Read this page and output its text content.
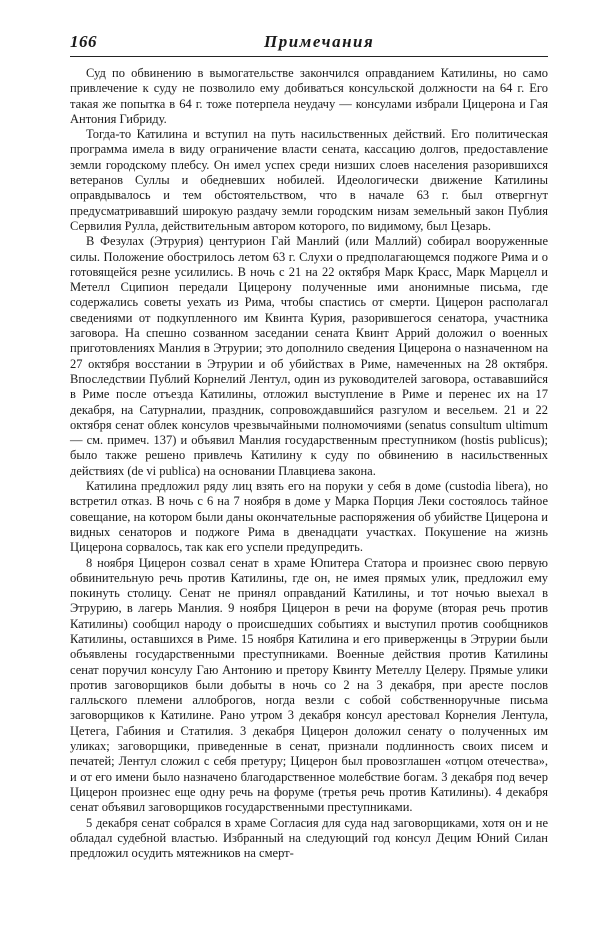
166	Примечания

Суд по обвинению в вымогательстве закончился оправданием Катилины, но само привлечение к суду не позволило ему добиваться консульской должности на 64 г. Его такая же попытка в 64 г. тоже потерпела неудачу — консулами избрали Цицерона и Гая Антония Гибриду.

Тогда-то Катилина и вступил на путь насильственных действий. Его политическая программа имела в виду ограничение власти сената, кассацию долгов, предоставление земли городскому плебсу. Он имел успех среди низших слоев населения разорившихся ветеранов Суллы и обедневших нобилей. Идеологически движение Катилины оправдывалось и тем обстоятельством, что в начале 63 г. был отвергнут предусматривавший широкую раздачу земли городским низам земельный закон Публия Сервилия Рулла, действительным автором которого, по видимому, был Цезарь.

В Фезулах (Этрурия) центурион Гай Манлий (или Маллий) собирал вооруженные силы. Положение обострилось летом 63 г. Слухи о предполагающемся поджоге Рима и о готовящейся резне усилились. В ночь с 21 на 22 октября Марк Красс, Марк Марцелл и Метелл Сципион передали Цицерону полученные ими анонимные письма, где содержались советы уехать из Рима, чтобы спастись от смерти. Цицерон располагал сведениями от подкупленного им Квинта Курия, разорившегося сенатора, участника заговора. На спешно созванном заседании сената Квинт Аррий доложил о военных приготовлениях Манлия в Этрурии; это дополнило сведения Цицерона о назначенном на 27 октября восстании в Этрурии и об убийствах в Риме, намеченных на 28 октября. Впоследствии Публий Корнелий Лентул, один из руководителей заговора, остававшийся в Риме после отъезда Катилины, отложил выступление в Риме и перенес их на 17 декабря, на Сатурналии, праздник, сопровождавшийся разгулом и весельем. 21 и 22 октября сенат облек консулов чрезвычайными полномочиями (senatus consultum ultimum — см. примеч. 137) и объявил Манлия государственным преступником (hostis publicus); было также решено привлечь Катилину к суду по обвинению в насильственных действиях (de vi publica) на основании Плавциева закона.

Катилина предложил ряду лиц взять его на поруки у себя в доме (custodia libera), но встретил отказ. В ночь с 6 на 7 ноября в доме у Марка Порция Леки состоялось тайное совещание, на котором были даны окончательные распоряжения об убийстве Цицерона и видных сенаторов и поджоге Рима в двенадцати участках. Покушение на жизнь Цицерона сорвалось, так как его успели предупредить.

8 ноября Цицерон созвал сенат в храме Юпитера Статора и произнес свою первую обвинительную речь против Катилины, где он, не имея прямых улик, предложил ему покинуть столицу. Сенат не принял оправданий Катилины, и тот ночью выехал в Этрурию, в лагерь Манлия. 9 ноября Цицерон в речи на форуме (вторая речь против Катилины) сообщил народу о происшедших событиях и выступил против сообщников Катилины, оставшихся в Риме. 15 ноября Катилина и его приверженцы в Этрурии были объявлены государственными преступниками. Военные действия против Катилины сенат поручил консулу Гаю Антонию и претору Квинту Метеллу Целеру. Прямые улики против заговорщиков были добыты в ночь со 2 на 3 декабря, при аресте послов галльского племени аллоброгов, ногда везли с собой собственноручные письма заговорщиков к Катилине. Рано утром 3 декабря консул арестовал Корнелия Лентула, Цетега, Габиния и Статилия. 3 декабря Цицерон доложил сенату о полученных им уликах; заговорщики, приведенные в сенат, признали подлинность своих писем и печатей; Лентул сложил с себя претуру; Цицерон был провозглашен «отцом отечества», и от его имени было назначено благодарственное молебствие богам. 3 декабря под вечер Цицерон произнес еще одну речь на форуме (третья речь против Катилины). 4 декабря сенат объявил заговорщиков государственными преступниками.

5 декабря сенат собрался в храме Согласия для суда над заговорщиками, хотя он и не обладал судебной властью. Избранный на следующий год консул Децим Юний Силан предложил осудить мятежников на смерт-
